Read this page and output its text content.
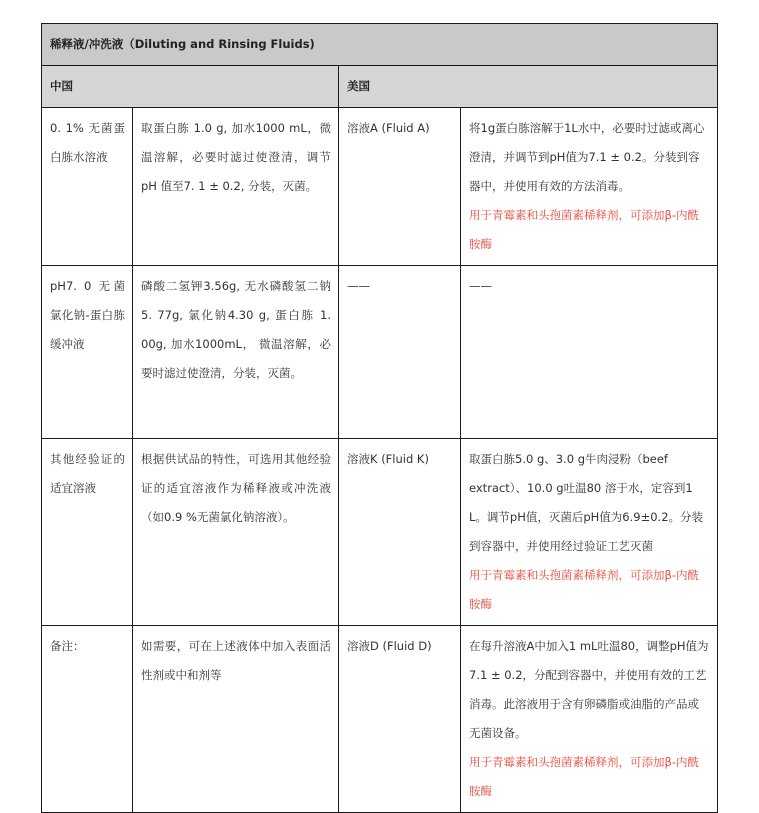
稀释液/冲洗液（Diluting and Rinsing Fluids)			
中国		美国	
0. 1% 无菌蛋白胨水溶液	取蛋白胨 1.0 g, 加水1000 mL，微温溶解，必要时滤过使澄清，调节 pH 值至7. 1 ± 0.2, 分装，灭菌。	溶液A (Fluid A)	将1g蛋白胨溶解于1L水中，必要时过滤或离心澄清，并调节到pH值为7.1 ± 0.2。分装到容器中，并使用有效的方法消毒。
用于青霉素和头孢菌素稀释剂，可添加β-内酰胺酶

pH7. 0 无菌氯化钠-蛋白胨缓冲液	磷酸二氢钾3.56g, 无水磷酸氢二钠 5. 77g, 氯化钠4.30 g, 蛋白胨 1. 00g, 加水1000mL， 微温溶解，必要时滤过使澄清，分装，灭菌。	——	——
其他经验证的适宜溶液	根据供试品的特性，可选用其他经验证的适宜溶液作为稀释液或冲洗液（如0.9 %无菌氯化钠溶液）。	溶液K (Fluid K)	取蛋白胨5.0 g、3.0 g牛肉浸粉（beef extract）、10.0 g吐温80 溶于水，定容到1 L。调节pH值，灭菌后pH值为6.9±0.2。分装到容器中，并使用经过验证工艺灭菌
用于青霉素和头孢菌素稀释剂，可添加β-内酰胺酶

备注：	如需要，可在上述液体中加入表面活性剂或中和剂等	溶液D (Fluid D)	在每升溶液A中加入1 mL吐温80，调整pH值为7.1 ± 0.2，分配到容器中，并使用有效的工艺消毒。此溶液用于含有卵磷脂或油脂的产品或无菌设备。
用于青霉素和头孢菌素稀释剂，可添加β-内酰胺酶
